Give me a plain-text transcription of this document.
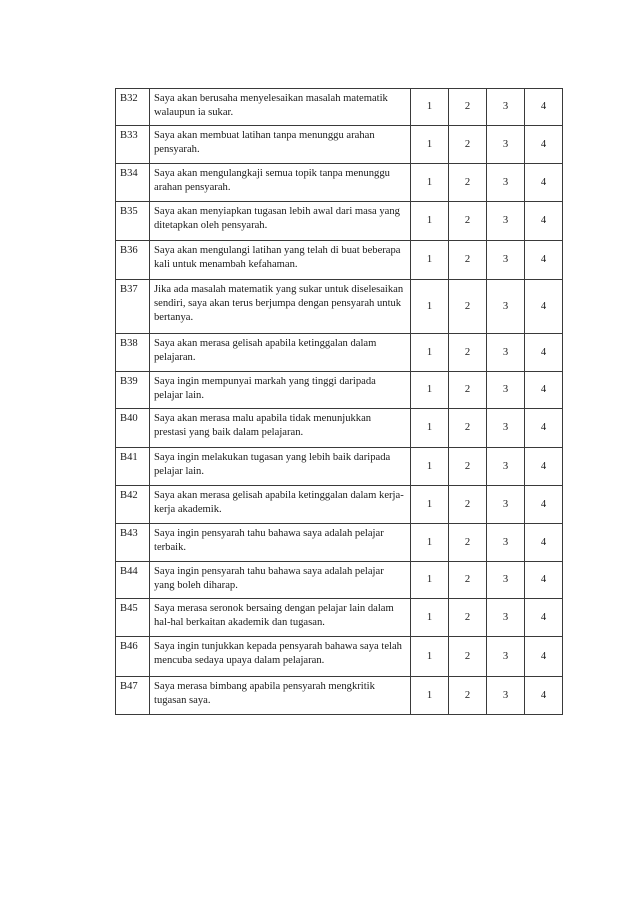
B32	Saya akan berusaha menyelesaikan masalah matematik walaupun ia sukar.	1	2	3	4
B33	Saya akan membuat latihan tanpa menunggu arahan pensyarah.	1	2	3	4
B34	Saya akan mengulangkaji semua topik tanpa menunggu arahan pensyarah.	1	2	3	4
B35	Saya akan menyiapkan tugasan lebih awal dari masa yang ditetapkan oleh pensyarah.	1	2	3	4
B36	Saya akan mengulangi latihan yang telah di buat beberapa kali untuk menambah kefahaman.	1	2	3	4
B37	Jika ada masalah matematik yang sukar untuk diselesaikan sendiri, saya akan terus berjumpa dengan pensyarah untuk bertanya.	1	2	3	4
B38	Saya akan merasa gelisah apabila ketinggalan dalam pelajaran.	1	2	3	4
B39	Saya ingin mempunyai markah yang tinggi daripada pelajar lain.	1	2	3	4
B40	Saya akan merasa malu apabila tidak menunjukkan prestasi yang baik dalam pelajaran.	1	2	3	4
B41	Saya ingin melakukan tugasan yang lebih baik daripada pelajar lain.	1	2	3	4
B42	Saya akan merasa gelisah apabila ketinggalan dalam kerja-kerja akademik.	1	2	3	4
B43	Saya ingin pensyarah tahu bahawa saya adalah pelajar terbaik.	1	2	3	4
B44	Saya ingin pensyarah tahu bahawa saya adalah pelajar yang boleh diharap.	1	2	3	4
B45	Saya merasa seronok bersaing dengan pelajar lain dalam hal-hal berkaitan akademik dan tugasan.	1	2	3	4
B46	Saya ingin tunjukkan kepada pensyarah bahawa saya telah mencuba sedaya upaya dalam pelajaran.	1	2	3	4
B47	Saya merasa bimbang apabila pensyarah mengkritik tugasan saya.	1	2	3	4
